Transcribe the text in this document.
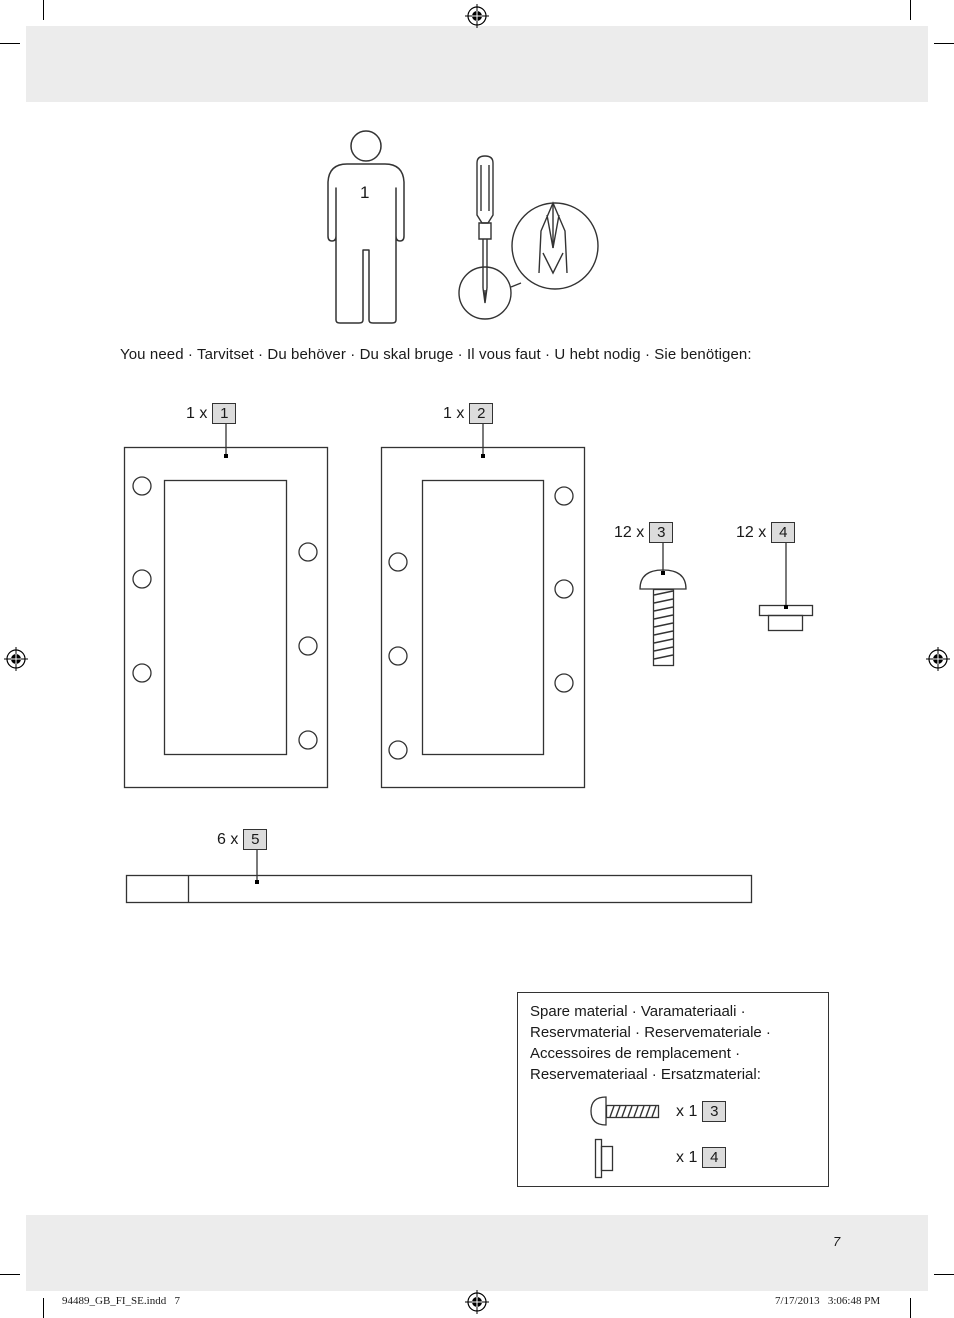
1
You need · Tarvitset · Du behöver · Du skal bruge · Il vous faut · U hebt nodig · Sie benötigen:
1 x 1	1 x 2
12 x 3	12 x 4
6 x 5
Spare material · Varamateriaali ·
Reservmaterial · Reservemateriale ·
Accessoires de remplacement ·
Reservemateriaal · Ersatzmaterial:
x 1 3
x 1 4
7
94489_GB_FI_SE.indd   7	7/17/2013   3:06:48 PM
